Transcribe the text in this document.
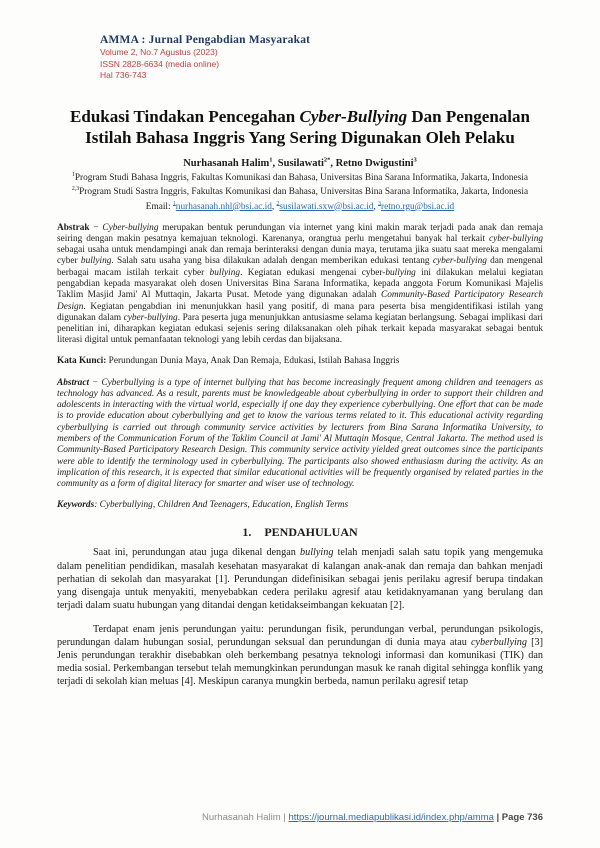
AMMA : Jurnal Pengabdian Masyarakat
Volume 2, No.7 Agustus (2023)
ISSN 2828-6634 (media online)
Hal 736-743
Edukasi Tindakan Pencegahan Cyber-Bullying Dan Pengenalan Istilah Bahasa Inggris Yang Sering Digunakan Oleh Pelaku
Nurhasanah Halim$^1$, Susilawati$^{2*}$, Retno Dwigustini$^3$
$^1$Program Studi Bahasa Inggris, Fakultas Komunikasi dan Bahasa, Universitas Bina Sarana Informatika, Jakarta, Indonesia
$^{2,3}$Program Studi Sastra Inggris, Fakultas Komunikasi dan Bahasa, Universitas Bina Sarana Informatika, Jakarta, Indonesia
Email: $^1$nurhasanah.nhl@bsi.ac.id, $^2$susilawati.sxw@bsi.ac.id, $^3$retno.rgu@bsi.ac.id

Abstrak − Cyber-bullying merupakan bentuk perundungan via internet yang kini makin marak terjadi pada anak dan remaja seiring dengan makin pesatnya kemajuan teknologi. Karenanya, orangtua perlu mengetahui banyak hal terkait cyber-bullying sebagai usaha untuk mendampingi anak dan remaja berinteraksi dengan dunia maya, terutama jika suatu saat mereka mengalami cyber bullying. Salah satu usaha yang bisa dilakukan adalah dengan memberikan edukasi tentang cyber-bullying dan mengenal berbagai macam istilah terkait cyber bullying. Kegiatan edukasi mengenai cyber-bullying ini dilakukan melalui kegiatan pengabdian kepada masyarakat oleh dosen Universitas Bina Sarana Informatika, kepada anggota Forum Komunikasi Majelis Taklim Masjid Jami' Al Muttaqin, Jakarta Pusat. Metode yang digunakan adalah Community-Based Participatory Research Design. Kegiatan pengabdian ini menunjukkan hasil yang positif, di mana para peserta bisa mengidentifikasi istilah yang digunakan dalam cyber-bullying. Para peserta juga menunjukkan antusiasme selama kegiatan berlangsung. Sebagai implikasi dari penelitian ini, diharapkan kegiatan edukasi sejenis sering dilaksanakan oleh pihak terkait kepada masyarakat sebagai bentuk literasi digital untuk pemanfaatan teknologi yang lebih cerdas dan bijaksana.

Kata Kunci: Perundungan Dunia Maya, Anak Dan Remaja, Edukasi, Istilah Bahasa Inggris

Abstract − Cyberbullying is a type of internet bullying that has become increasingly frequent among children and teenagers as technology has advanced. As a result, parents must be knowledgeable about cyberbullying in order to support their children and adolescents in interacting with the virtual world, especially if one day they experience cyberbullying. One effort that can be made is to provide education about cyberbullying and get to know the various terms related to it. This educational activity regarding cyberbullying is carried out through community service activities by lecturers from Bina Sarana Informatika University, to members of the Communication Forum of the Taklim Council at Jami' Al Muttaqin Mosque, Central Jakarta. The method used is Community-Based Participatory Research Design. This community service activity yielded great outcomes since the participants were able to identify the terminology used in cyberbullying. The participants also showed enthusiasm during the activity. As an implication of this research, it is expected that similar educational activities will be frequently organised by related parties in the community as a form of digital literacy for smarter and wiser use of technology.

Keywords: Cyberbullying, Children And Teenagers, Education, English Terms
1. PENDAHULUAN

Saat ini, perundungan atau juga dikenal dengan bullying telah menjadi salah satu topik yang mengemuka dalam penelitian pendidikan, masalah kesehatan masyarakat di kalangan anak-anak dan remaja dan bahkan menjadi perhatian di sekolah dan masyarakat [1]. Perundungan didefinisikan sebagai jenis perilaku agresif berupa tindakan yang disengaja untuk menyakiti, menyebabkan cedera perilaku agresif atau ketidaknyamanan yang berulang dan terjadi dalam suatu hubungan yang ditandai dengan ketidakseimbangan kekuatan [2].

Terdapat enam jenis perundungan yaitu: perundungan fisik, perundungan verbal, perundungan psikologis, perundungan dalam hubungan sosial, perundungan seksual dan perundungan di dunia maya atau cyberbullying [3] Jenis perundungan terakhir disebabkan oleh berkembang pesatnya teknologi informasi dan komunikasi (TIK) dan media sosial. Perkembangan tersebut telah memungkinkan perundungan masuk ke ranah digital sehingga konflik yang terjadi di sekolah kian meluas [4]. Meskipun caranya mungkin berbeda, namun perilaku agresif tetap

Nurhasanah Halim | https://journal.mediapublikasi.id/index.php/amma | Page 736
